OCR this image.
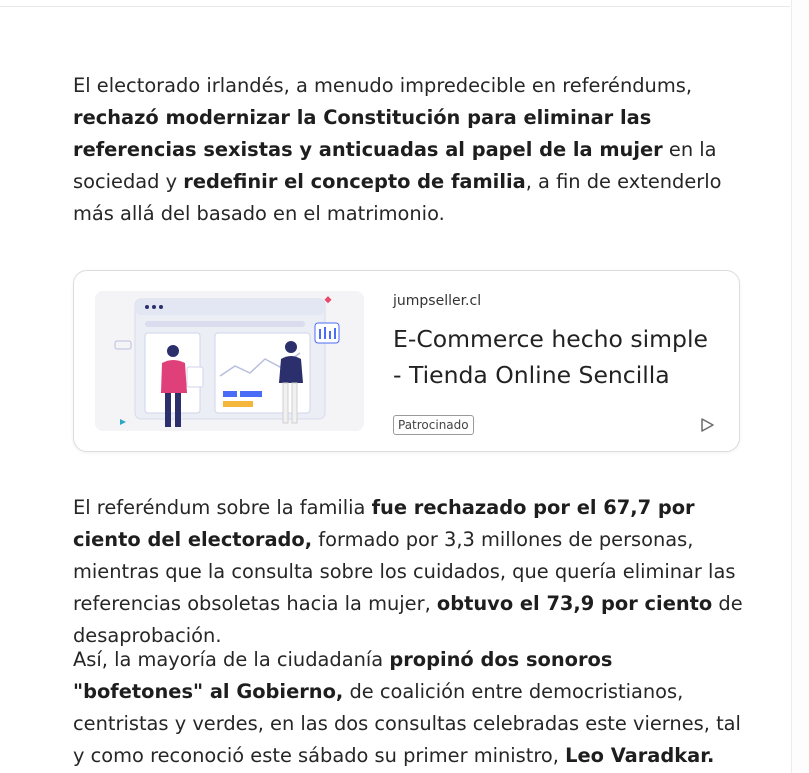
El electorado irlandés, a menudo impredecible en referéndums, rechazó modernizar la Constitución para eliminar las referencias sexistas y anticuadas al papel de la mujer en la sociedad y redefinir el concepto de familia, a fin de extenderlo más allá del basado en el matrimonio.

jumpseller.cl
E-Commerce hecho simple - Tienda Online Sencilla
Patrocinado

El referéndum sobre la familia fue rechazado por el 67,7 por ciento del electorado, formado por 3,3 millones de personas, mientras que la consulta sobre los cuidados, que quería eliminar las referencias obsoletas hacia la mujer, obtuvo el 73,9 por ciento de desaprobación.

Así, la mayoría de la ciudadanía propinó dos sonoros "bofetones" al Gobierno, de coalición entre democristianos, centristas y verdes, en las dos consultas celebradas este viernes, tal y como reconoció este sábado su primer ministro, Leo Varadkar.
